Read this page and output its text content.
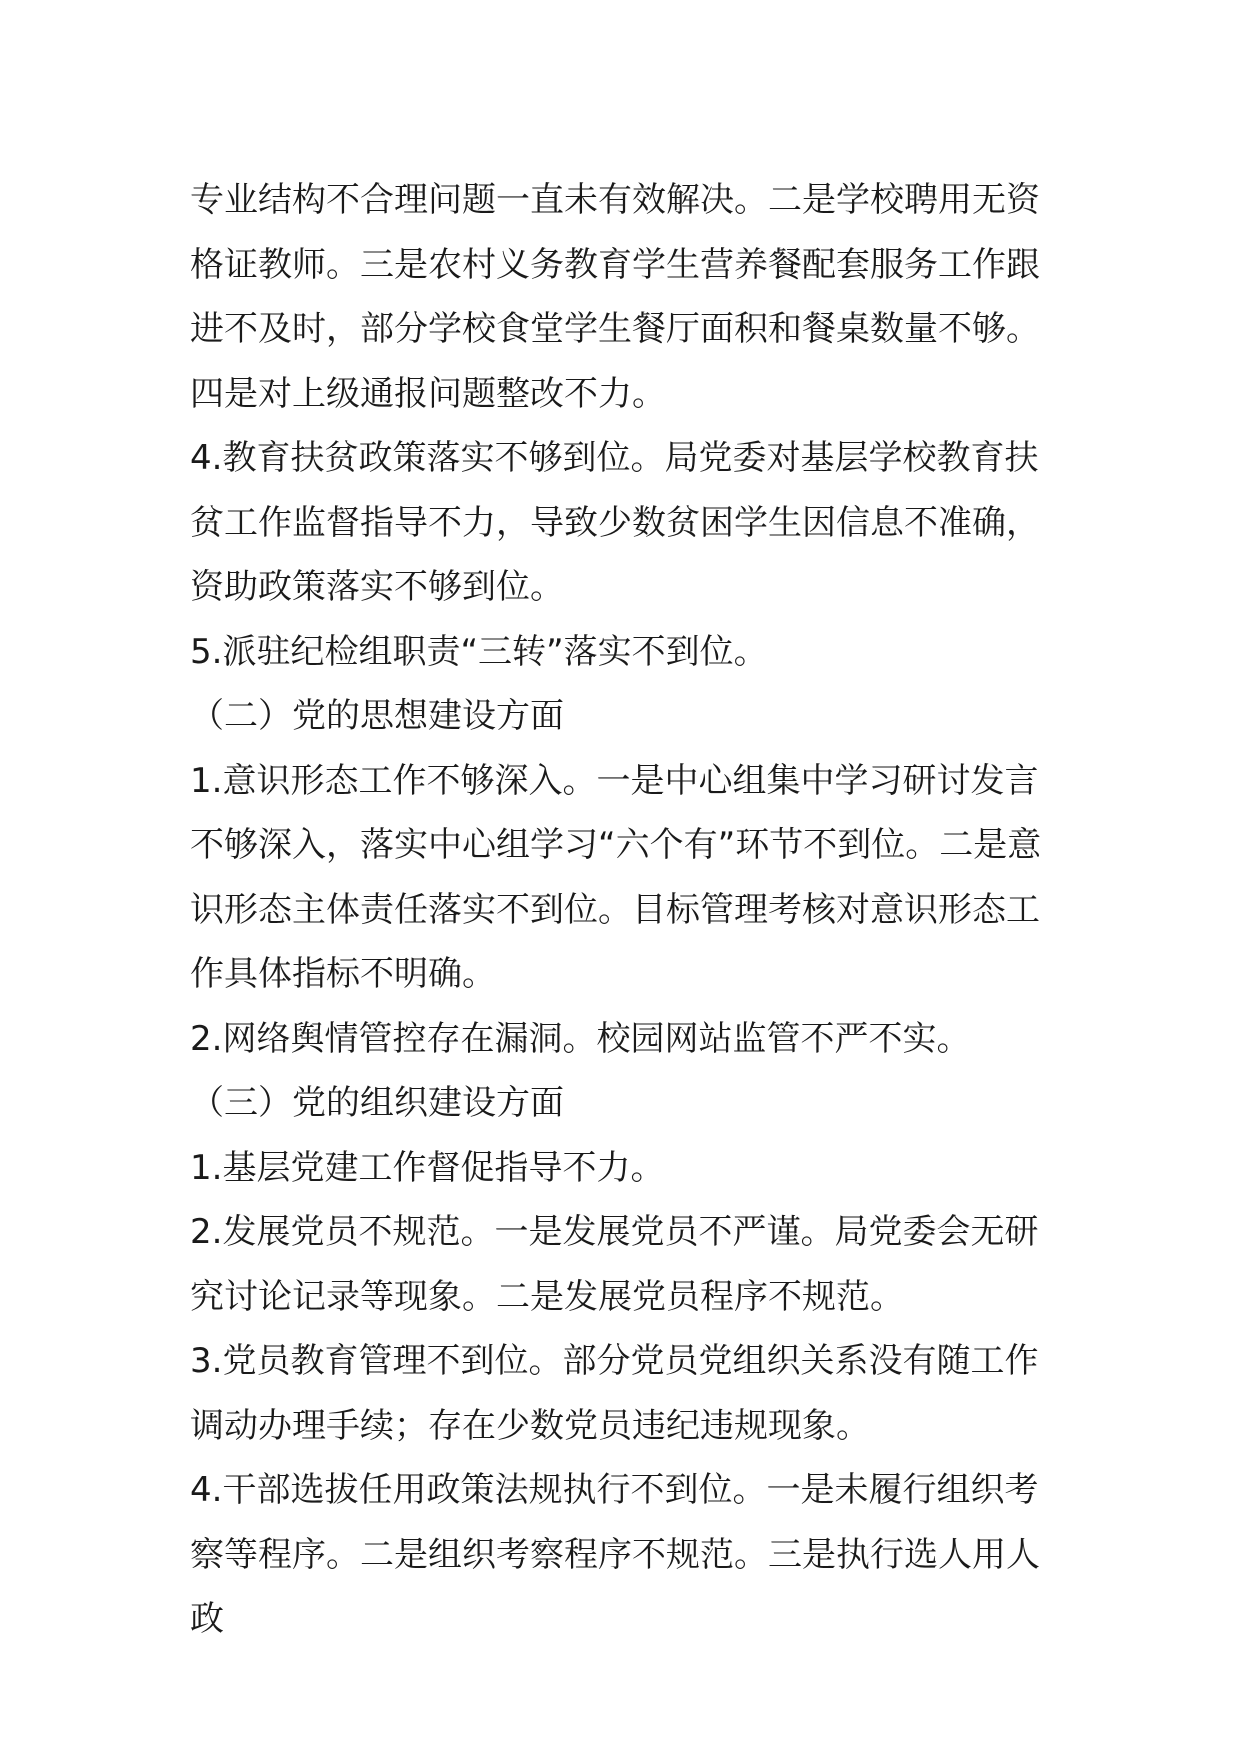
专业结构不合理问题一直未有效解决。二是学校聘用无资格证教师。三是农村义务教育学生营养餐配套服务工作跟进不及时，部分学校食堂学生餐厅面积和餐桌数量不够。四是对上级通报问题整改不力。

4.教育扶贫政策落实不够到位。局党委对基层学校教育扶贫工作监督指导不力，导致少数贫困学生因信息不准确，资助政策落实不够到位。

5.派驻纪检组职责“三转”落实不到位。

（二）党的思想建设方面

1.意识形态工作不够深入。一是中心组集中学习研讨发言不够深入，落实中心组学习“六个有”环节不到位。二是意识形态主体责任落实不到位。目标管理考核对意识形态工作具体指标不明确。

2.网络舆情管控存在漏洞。校园网站监管不严不实。

（三）党的组织建设方面

1.基层党建工作督促指导不力。

2.发展党员不规范。一是发展党员不严谨。局党委会无研究讨论记录等现象。二是发展党员程序不规范。

3.党员教育管理不到位。部分党员党组织关系没有随工作调动办理手续；存在少数党员违纪违规现象。

4.干部选拔任用政策法规执行不到位。一是未履行组织考察等程序。二是组织考察程序不规范。三是执行选人用人政
